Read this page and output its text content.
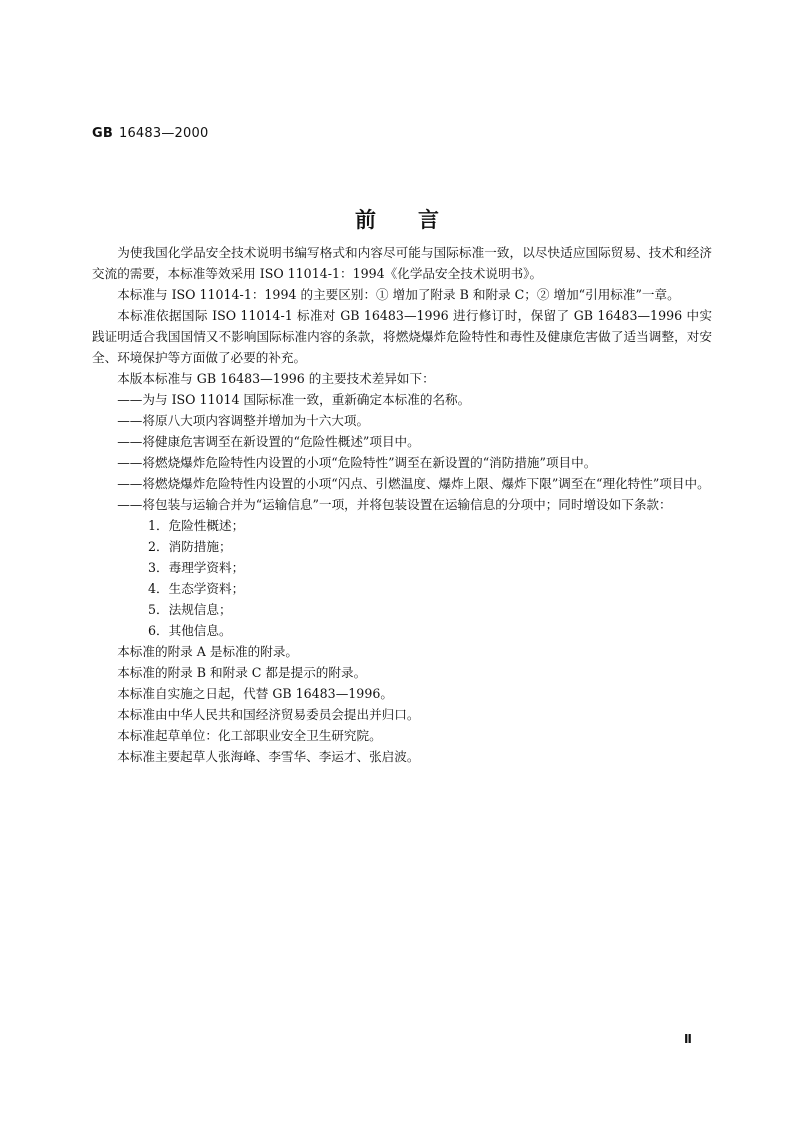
GB 16483—2000
前言

为使我国化学品安全技术说明书编写格式和内容尽可能与国际标准一致，以尽快适应国际贸易、技术和经济交流的需要，本标准等效采用 ISO 11014-1：1994《化学品安全技术说明书》。

本标准与 ISO 11014-1：1994 的主要区别：① 增加了附录 B 和附录 C；② 增加“引用标准”一章。

本标准依据国际 ISO 11014-1 标准对 GB 16483—1996 进行修订时，保留了 GB 16483—1996 中实践证明适合我国国情又不影响国际标准内容的条款，将燃烧爆炸危险特性和毒性及健康危害做了适当调整，对安全、环境保护等方面做了必要的补充。

本版本标准与 GB 16483—1996 的主要技术差异如下：

——为与 ISO 11014 国际标准一致，重新确定本标准的名称。

——将原八大项内容调整并增加为十六大项。

——将健康危害调至在新设置的“危险性概述”项目中。

——将燃烧爆炸危险特性内设置的小项“危险特性”调至在新设置的“消防措施”项目中。

——将燃烧爆炸危险特性内设置的小项“闪点、引燃温度、爆炸上限、爆炸下限”调至在“理化特性”项目中。

——将包装与运输合并为“运输信息”一项，并将包装设置在运输信息的分项中；同时增设如下条款：

1．危险性概述；

2．消防措施；

3．毒理学资料；

4．生态学资料；

5．法规信息；

6．其他信息。

本标准的附录 A 是标准的附录。

本标准的附录 B 和附录 C 都是提示的附录。

本标准自实施之日起，代替 GB 16483—1996。

本标准由中华人民共和国经济贸易委员会提出并归口。

本标准起草单位：化工部职业安全卫生研究院。

本标准主要起草人张海峰、李雪华、李运才、张启波。

Ⅱ
